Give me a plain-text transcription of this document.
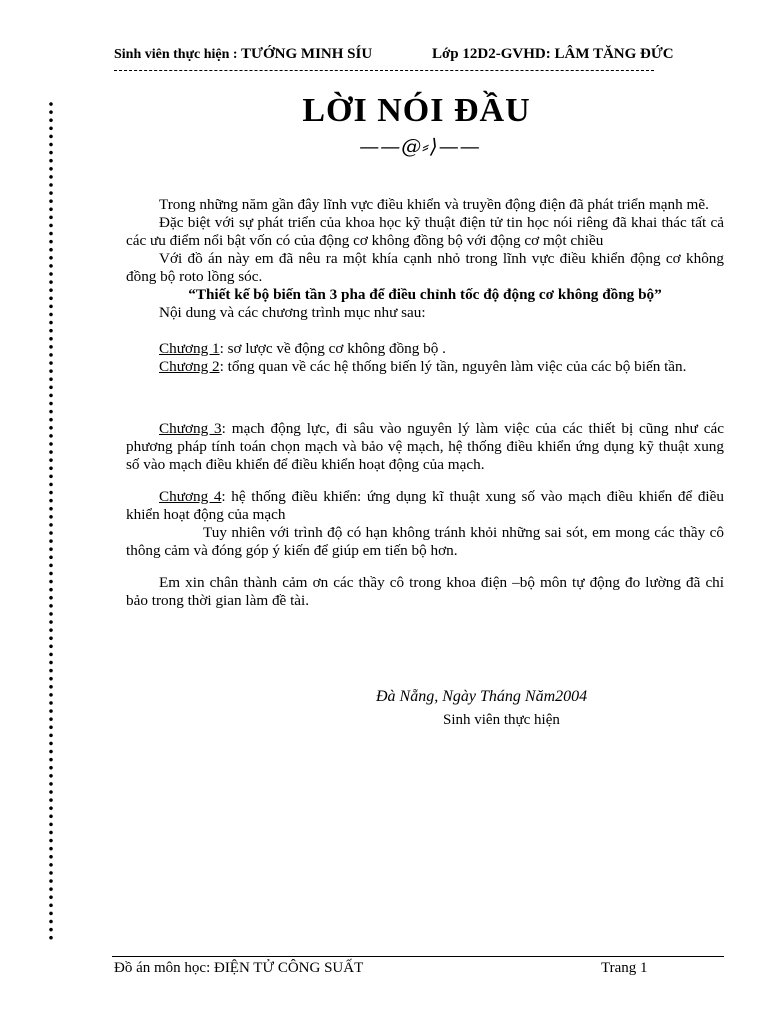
Sinh viên thực hiện : TƯỚNG MINH SÍU	Lớp 12D2-GVHD: LÂM TĂNG ĐỨC
LỜI NÓI ĐẦU
——@⸗⟩——

Trong những năm gần đây lĩnh vực điều khiển và truyền động điện đã phát triển mạnh mẽ.

Đặc biệt với sự phát triển của khoa học kỹ thuật điện tử tin học nói riêng đã khai thác tất cả các ưu điểm nổi bật vốn có của động cơ không đồng bộ với động cơ một chiều

Với đồ án này em đã nêu ra một khía cạnh nhỏ trong lĩnh vực điều khiển động cơ không đồng bộ roto lồng sóc.

“Thiết kế bộ biến tần 3 pha để điều chỉnh tốc độ động cơ không đồng bộ”

Nội dung và các chương trình mục như sau:

Chương 1: sơ lược về động cơ không đồng bộ .

Chương 2: tổng quan về các hệ thống biến lý tần, nguyên làm việc của các bộ biến tần.

Chương 3: mạch động lực, đi sâu vào nguyên lý làm việc của các thiết bị cũng như các phương pháp tính toán chọn mạch và bảo vệ mạch, hệ thống điều khiển ứng dụng kỹ thuật xung số vào mạch điều khiển để điều khiển hoạt động của mạch.

Chương 4: hệ thống điều khiển: ứng dụng kĩ thuật xung số vào mạch điều khiển để điều khiển hoạt động của mạch

Tuy nhiên với trình độ có hạn không tránh khỏi những sai sót, em mong các thầy cô thông cảm và đóng góp ý kiến để giúp em tiến bộ hơn.

Em xin chân thành cảm ơn các thầy cô trong khoa điện –bộ môn tự động đo lường đã chỉ bảo trong thời gian làm đề tài.

Đà Nẵng, Ngày Tháng Năm2004
Sinh viên thực hiện
Đồ án môn học: ĐIỆN TỬ CÔNG SUẤT	Trang 1
